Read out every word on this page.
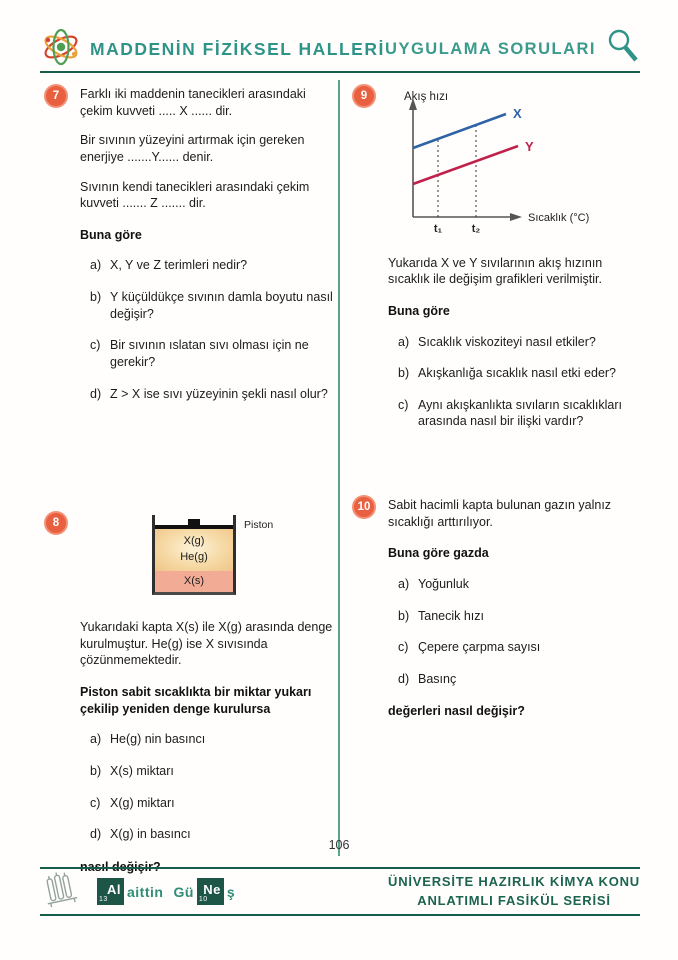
MADDENİN FİZİKSEL HALLERİ UYGULAMA SORULARI
7	Farklı iki maddenin tanecikleri arasındaki çekim kuvveti ..... X ...... dir.

Bir sıvının yüzeyini artırmak için gereken enerjiye .......Y...... denir.

Sıvının kendi tanecikleri arasındaki çekim kuvveti ....... Z ....... dir.

Buna göre
a) X, Y ve Z terimleri nedir?
b) Y küçüldükçe sıvının damla boyutu nasıl değişir?
c) Bir sıvının ıslatan sıvı olması için ne gerekir?
d) Z > X ise sıvı yüzeyinin şekli nasıl olur?
8
X(g)
He(g)
X(s)
Piston

Yukarıdaki kapta X(s) ile X(g) arasında denge kurulmuştur. He(g) ise X sıvısında çözünmemektedir.

Piston sabit sıcaklıkta bir miktar yukarı çekilip yeniden denge kurulursa
a) He(g) nin basıncı
b) X(s) miktarı
c) X(g) miktarı
d) X(g) in basıncı
9	Akış hızı
X
Y
t₁	t₂
Sıcaklık (°C)

Yukarıda X ve Y sıvılarının akış hızının sıcaklık ile değişim grafikleri verilmiştir.

Buna göre
a) Sıcaklık viskoziteyi nasıl etkiler?
b) Akışkanlığa sıcaklık nasıl etki eder?
c) Aynı akışkanlıkta sıvıların sıcaklıkları arasında nasıl bir ilişki vardır?
10	Sabit hacimli kapta bulunan gazın yalnız sıcaklığı arttırılıyor.

Buna göre gazda
a) Yoğunluk
b) Tanecik hızı
c) Çepere çarpma sayısı
d) Basınç
değerleri nasıl değişir?
106
13
Al aittin Gü 10
Ne ş
ÜNİVERSİTE HAZIRLIK KİMYA KONU
ANLATIMLI FASİKÜL SERİSİ
